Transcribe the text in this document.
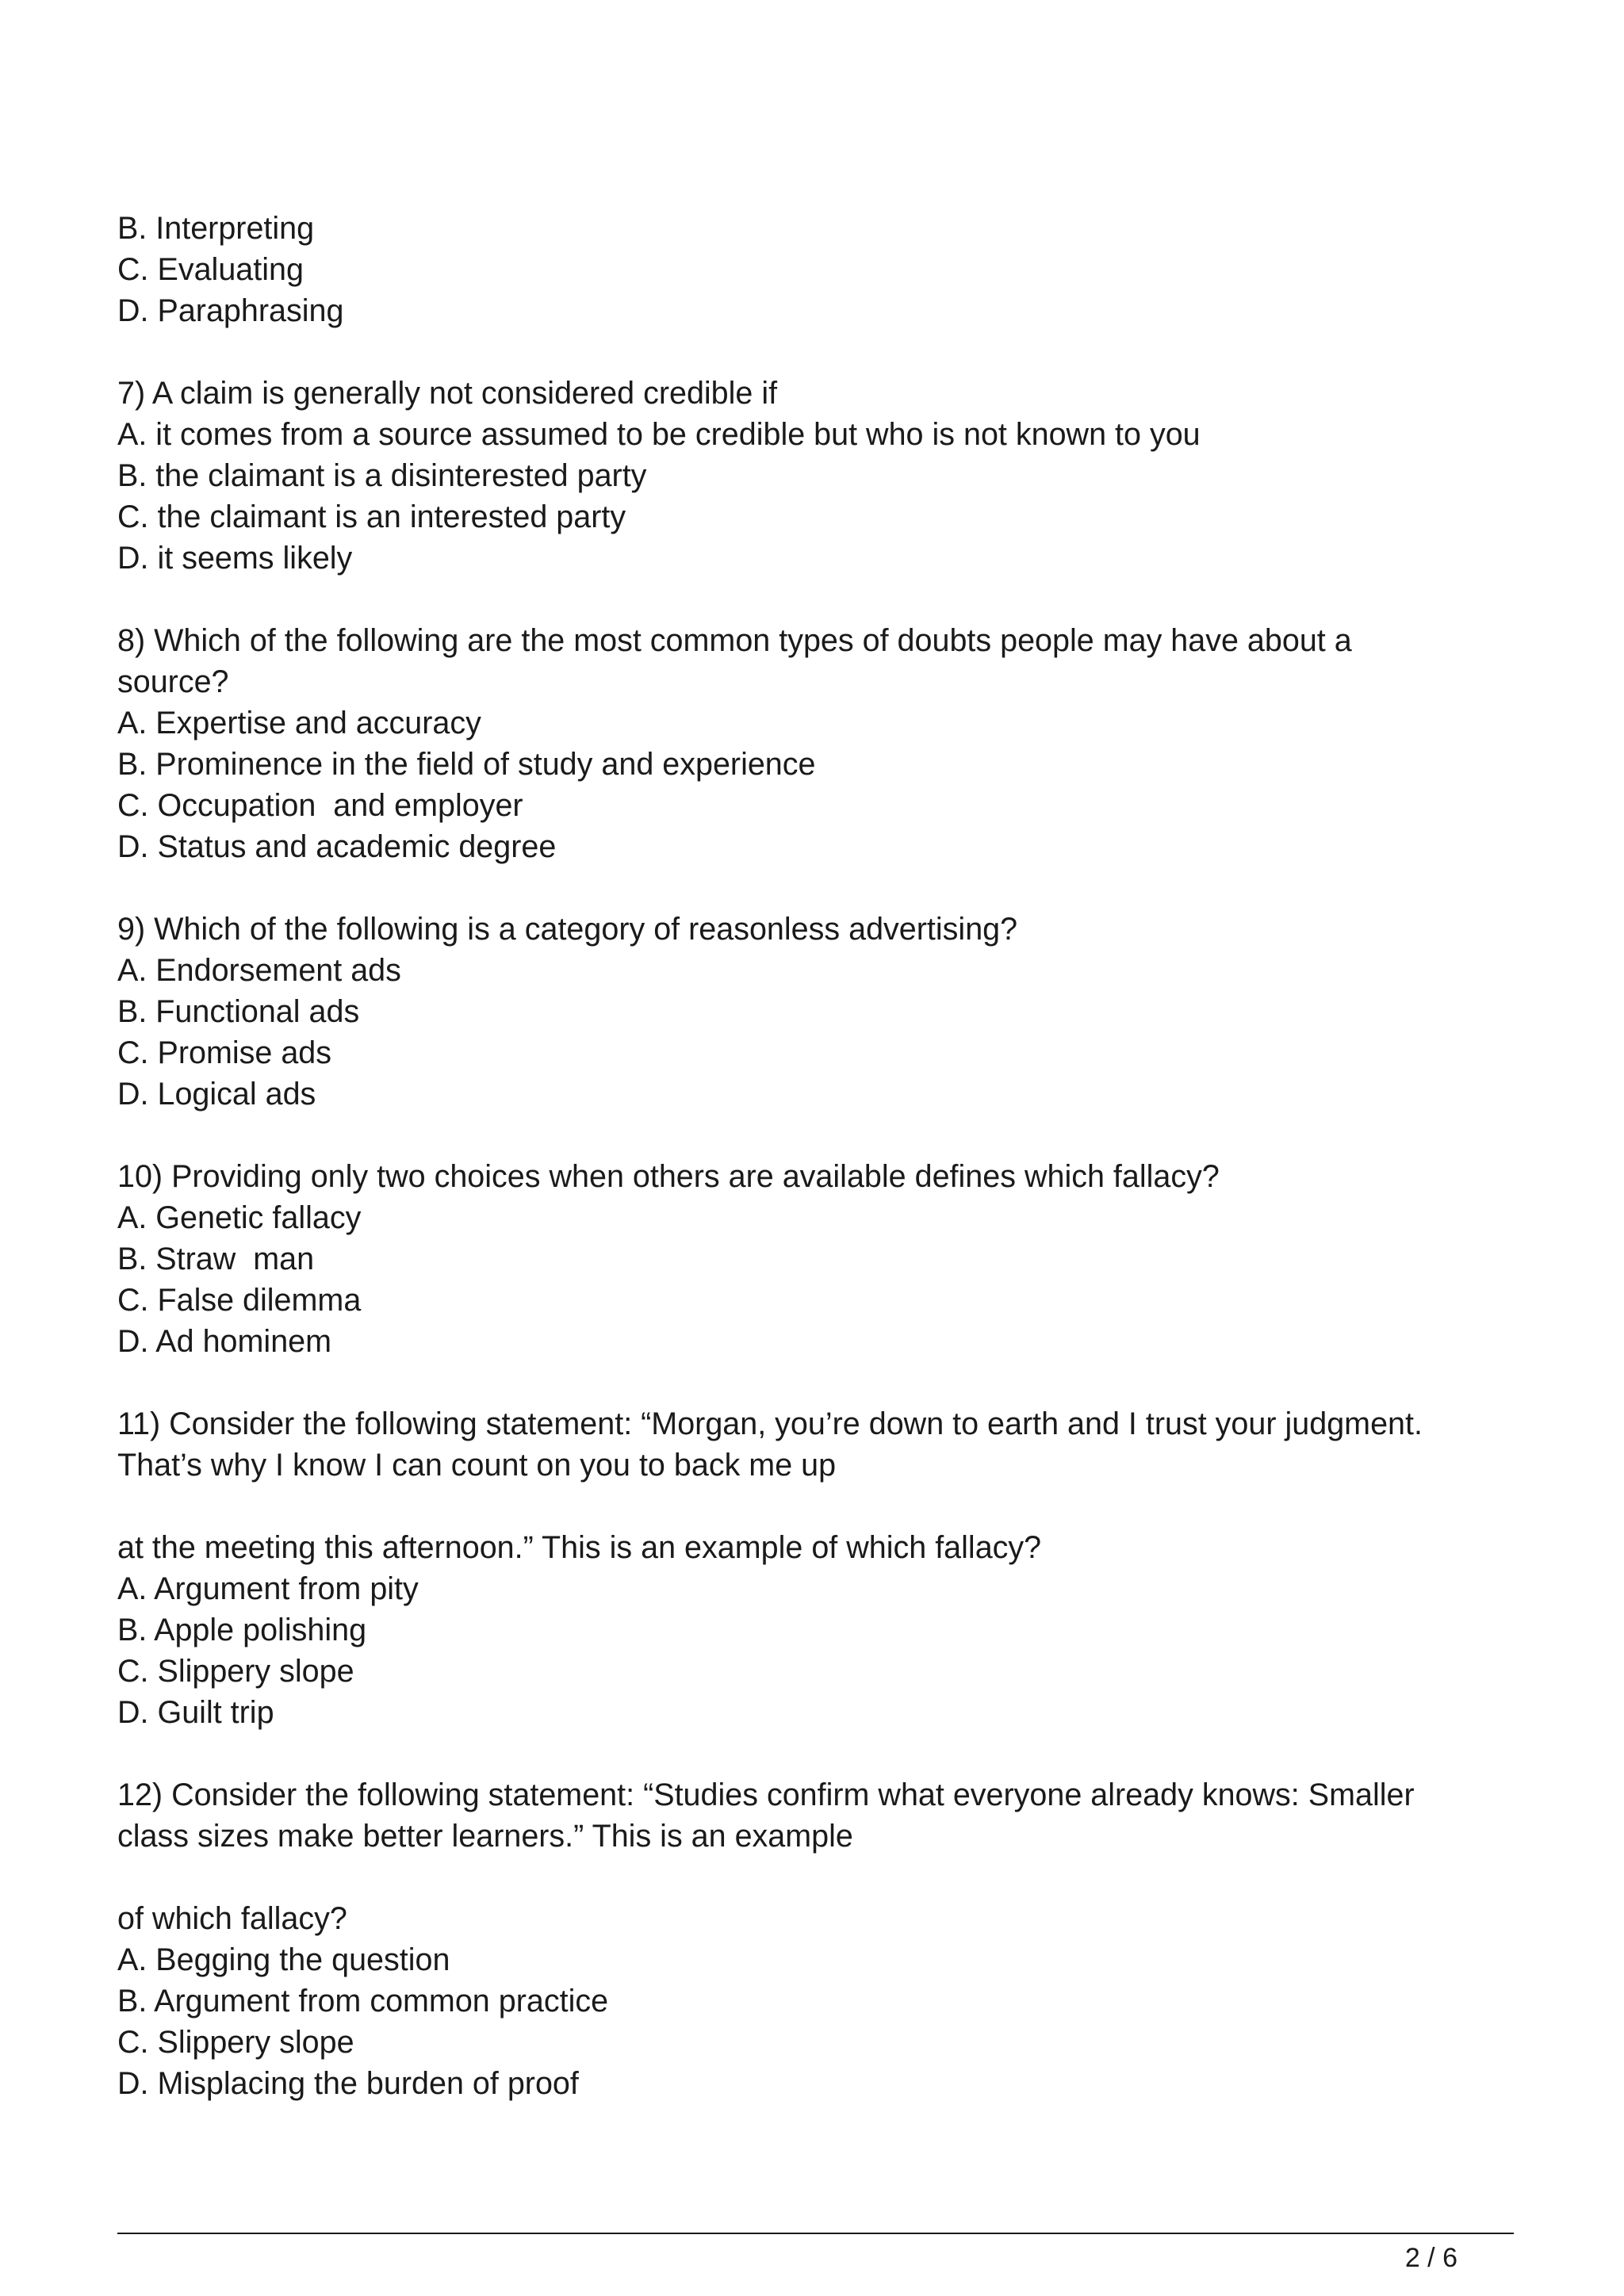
B. Interpreting
C. Evaluating
D. Paraphrasing
7) A claim is generally not considered credible if
A. it comes from a source assumed to be credible but who is not known to you
B. the claimant is a disinterested party
C. the claimant is an interested party
D. it seems likely
8) Which of the following are the most common types of doubts people may have about a
source?
A. Expertise and accuracy
B. Prominence in the field of study and experience
C. Occupation  and employer
D. Status and academic degree
9) Which of the following is a category of reasonless advertising?
A. Endorsement ads
B. Functional ads
C. Promise ads
D. Logical ads
10) Providing only two choices when others are available defines which fallacy?
A. Genetic fallacy
B. Straw  man
C. False dilemma
D. Ad hominem
11) Consider the following statement: “Morgan, you’re down to earth and I trust your judgment.
That’s why I know I can count on you to back me up
at the meeting this afternoon.” This is an example of which fallacy?
A. Argument from pity
B. Apple polishing
C. Slippery slope
D. Guilt trip
12) Consider the following statement: “Studies confirm what everyone already knows: Smaller
class sizes make better learners.” This is an example
of which fallacy?
A. Begging the question
B. Argument from common practice
C. Slippery slope
D. Misplacing the burden of proof
2 / 6
